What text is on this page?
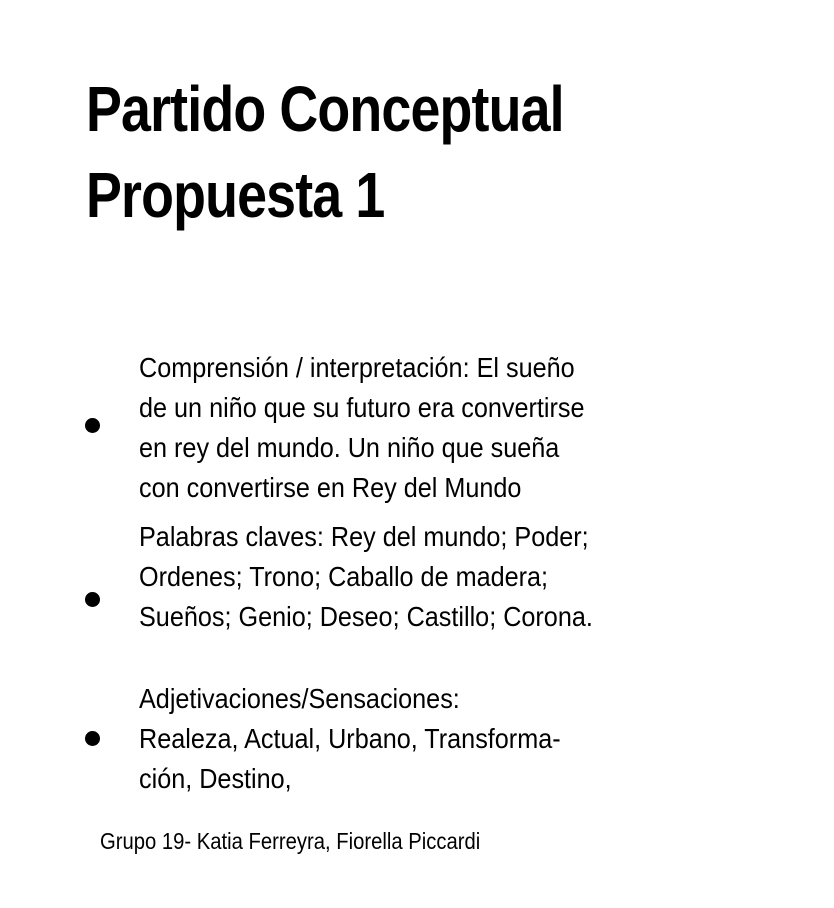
Partido Conceptual
Propuesta 1

Comprensión / interpretación: El sueño
de un niño que su futuro era convertirse
en rey del mundo. Un niño que sueña
con convertirse en Rey del Mundo

Palabras claves: Rey del mundo; Poder;
Ordenes; Trono; Caballo de madera;
Sueños; Genio; Deseo; Castillo; Corona.

Adjetivaciones/Sensaciones:
Realeza, Actual, Urbano, Transforma-
ción, Destino,

Grupo 19- Katia Ferreyra, Fiorella Piccardi
